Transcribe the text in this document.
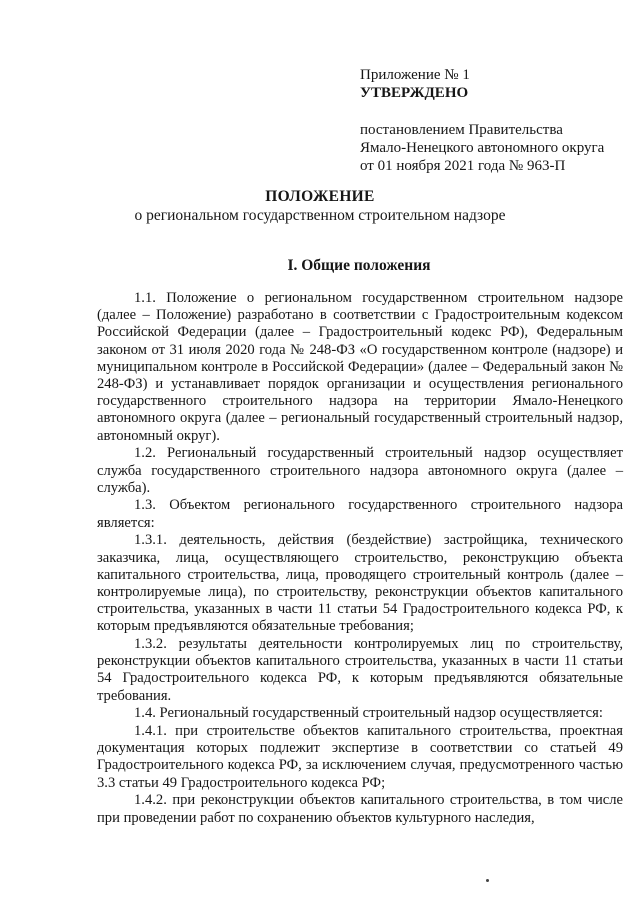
Приложение № 1
УТВЕРЖДЕНО
постановлением Правительства
Ямало-Ненецкого автономного округа
от 01 ноября 2021 года № 963-П
ПОЛОЖЕНИЕ
о региональном государственном строительном надзоре
I. Общие положения

1.1. Положение о региональном государственном строительном надзоре (далее – Положение) разработано в соответствии с Градостроительным кодексом Российской Федерации (далее – Градостроительный кодекс РФ), Федеральным законом от 31 июля 2020 года № 248-ФЗ «О государственном контроле (надзоре) и муниципальном контроле в Российской Федерации» (далее – Федеральный закон № 248-ФЗ) и устанавливает порядок организации и осуществления регионального государственного строительного надзора на территории Ямало-Ненецкого автономного округа (далее – региональный государственный строительный надзор, автономный округ).

1.2. Региональный государственный строительный надзор осуществляет служба государственного строительного надзора автономного округа (далее – служба).

1.3. Объектом регионального государственного строительного надзора является:

1.3.1. деятельность, действия (бездействие) застройщика, технического заказчика, лица, осуществляющего строительство, реконструкцию объекта капитального строительства, лица, проводящего строительный контроль (далее – контролируемые лица), по строительству, реконструкции объектов капитального строительства, указанных в части 11 статьи 54 Градостроительного кодекса РФ, к которым предъявляются обязательные требования;

1.3.2. результаты деятельности контролируемых лиц по строительству, реконструкции объектов капитального строительства, указанных в части 11 статьи 54 Градостроительного кодекса РФ, к которым предъявляются обязательные требования.

1.4. Региональный государственный строительный надзор осуществляется:

1.4.1. при строительстве объектов капитального строительства, проектная документация которых подлежит экспертизе в соответствии со статьей 49 Градостроительного кодекса РФ, за исключением случая, предусмотренного частью 3.3 статьи 49 Градостроительного кодекса РФ;

1.4.2. при реконструкции объектов капитального строительства, в том числе при проведении работ по сохранению объектов культурного наследия,
